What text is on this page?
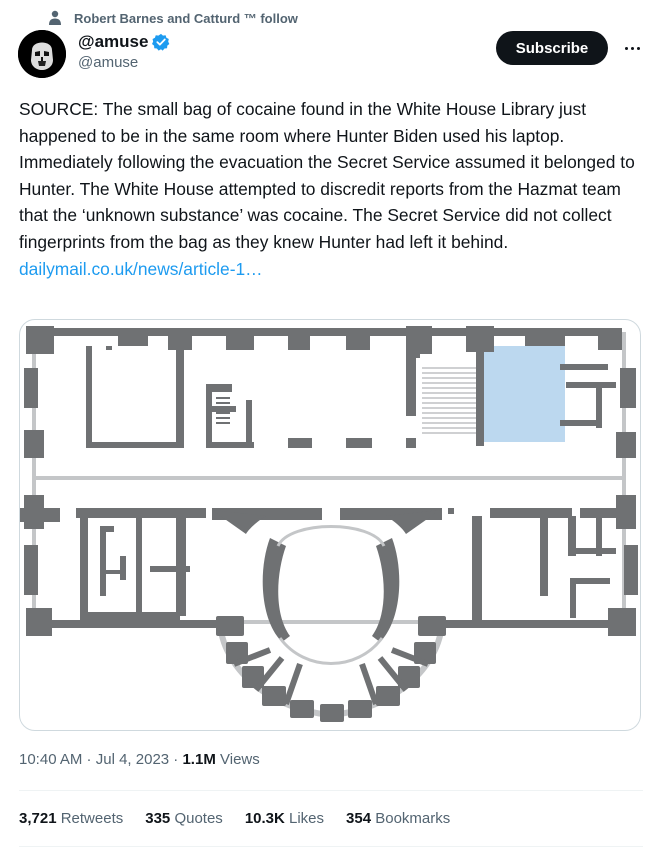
Robert Barnes and Catturd ™ follow
@amuse
@amuse
Subscribe

SOURCE: The small bag of cocaine found in the White House Library just happened to be in the same room where Hunter Biden used his laptop. Immediately following the evacuation the Secret Service assumed it belonged to Hunter. The White House attempted to discredit reports from the Hazmat team that the ‘unknown substance’ was cocaine. The Secret Service did not collect fingerprints from the bag as they knew Hunter had left it behind.

dailymail.co.uk/news/article-1…
10:40 AM · Jul 4, 2023 · 1.1M
Views
3,721 Retweets 335 Quotes 10.3K Likes 354 Bookmarks
